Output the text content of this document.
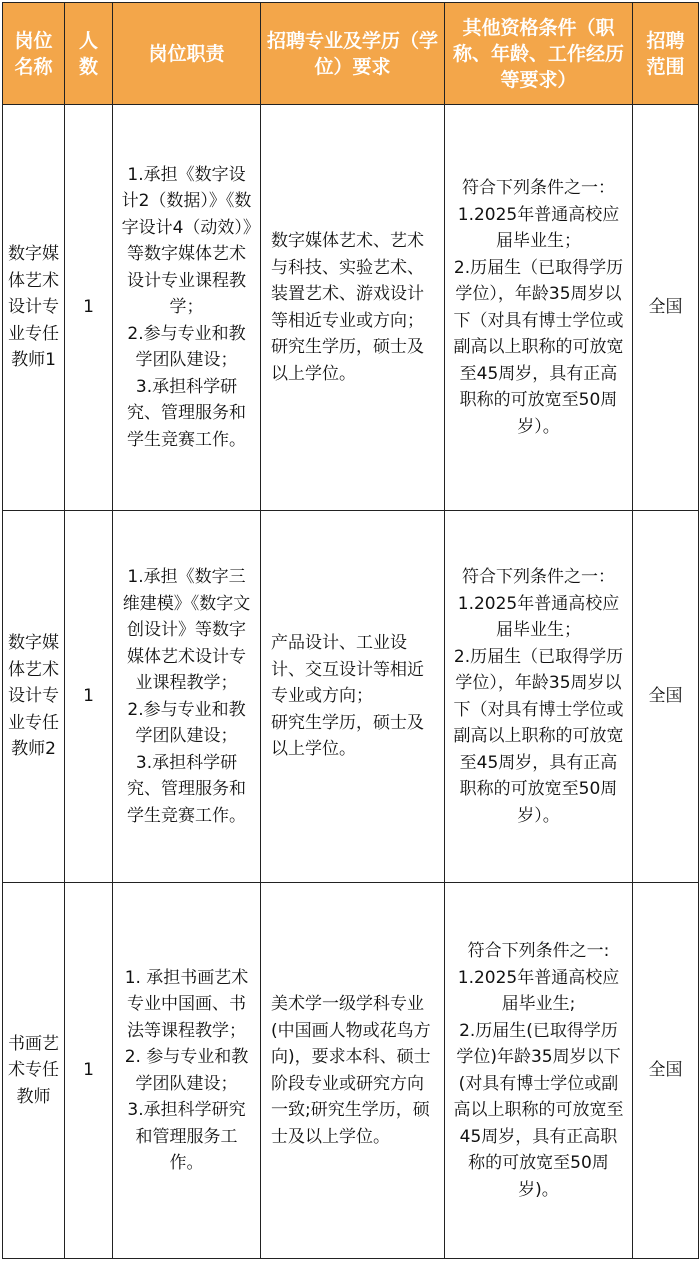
岗位名称	人数	岗位职责	招聘专业及学历（学位）要求	其他资格条件（职称、年龄、工作经历等要求）	招聘范围
数字媒体艺术设计专业专任教师1	1	1.承担《数字设计2（数据）》《数字设计4（动效）》等数字媒体艺术设计专业课程教学；
2.参与专业和教学团队建设；
3.承担科学研究、管理服务和学生竞赛工作。	数字媒体艺术、艺术与科技、实验艺术、装置艺术、游戏设计等相近专业或方向；
研究生学历，硕士及以上学位。	符合下列条件之一：
1.2025年普通高校应届毕业生；
2.历届生（已取得学历学位），年龄35周岁以下（对具有博士学位或副高以上职称的可放宽至45周岁，具有正高职称的可放宽至50周岁）。	全国
数字媒体艺术设计专业专任教师2	1	1.承担《数字三维建模》《数字文创设计》等数字媒体艺术设计专业课程教学；
2.参与专业和教学团队建设；
3.承担科学研究、管理服务和学生竞赛工作。	产品设计、工业设计、交互设计等相近专业或方向；
研究生学历，硕士及以上学位。	符合下列条件之一：
1.2025年普通高校应届毕业生；
2.历届生（已取得学历学位），年龄35周岁以下（对具有博士学位或副高以上职称的可放宽至45周岁，具有正高职称的可放宽至50周岁）。	全国
书画艺术专任教师	1	1. 承担书画艺术专业中国画、书法等课程教学；
2. 参与专业和教学团队建设；
3.承担科学研究和管理服务工作。	美术学一级学科专业(中国画人物或花鸟方向)，要求本科、硕士阶段专业或研究方向一致;研究生学历，硕士及以上学位。	符合下列条件之一:
1.2025年普通高校应届毕业生;
2.历届生(已取得学历学位)年龄35周岁以下(对具有博士学位或副高以上职称的可放宽至45周岁，具有正高职称的可放宽至50周岁)。	全国
